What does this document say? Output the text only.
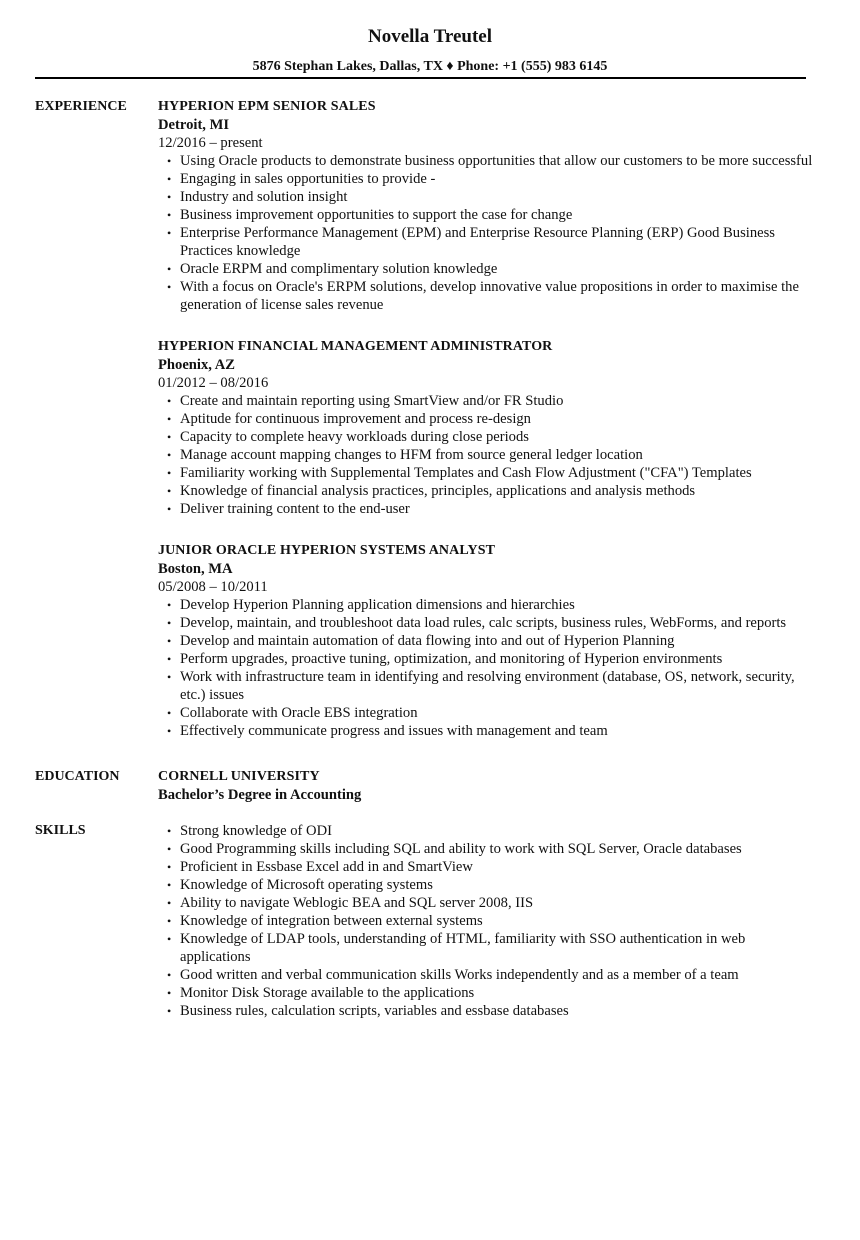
Novella Treutel
5876 Stephan Lakes, Dallas, TX ♦ Phone: +1 (555) 983 6145
EXPERIENCE	HYPERION EPM SENIOR SALES
Detroit, MI
12/2016 – present
• Using Oracle products to demonstrate business opportunities that allow our customers to be more successful
• Engaging in sales opportunities to provide -
• Industry and solution insight
• Business improvement opportunities to support the case for change
• Enterprise Performance Management (EPM) and Enterprise Resource Planning (ERP) Good Business Practices knowledge
• Oracle ERPM and complimentary solution knowledge
• With a focus on Oracle's ERPM solutions, develop innovative value propositions in order to maximise the generation of license sales revenue
HYPERION FINANCIAL MANAGEMENT ADMINISTRATOR
Phoenix, AZ
01/2012 – 08/2016
• Create and maintain reporting using SmartView and/or FR Studio
• Aptitude for continuous improvement and process re-design
• Capacity to complete heavy workloads during close periods
• Manage account mapping changes to HFM from source general ledger location
• Familiarity working with Supplemental Templates and Cash Flow Adjustment ("CFA") Templates
• Knowledge of financial analysis practices, principles, applications and analysis methods
• Deliver training content to the end-user
JUNIOR ORACLE HYPERION SYSTEMS ANALYST
Boston, MA
05/2008 – 10/2011
• Develop Hyperion Planning application dimensions and hierarchies
• Develop, maintain, and troubleshoot data load rules, calc scripts, business rules, WebForms, and reports
• Develop and maintain automation of data flowing into and out of Hyperion Planning
• Perform upgrades, proactive tuning, optimization, and monitoring of Hyperion environments
• Work with infrastructure team in identifying and resolving environment (database, OS, network, security, etc.) issues
• Collaborate with Oracle EBS integration
• Effectively communicate progress and issues with management and team
EDUCATION	CORNELL UNIVERSITY
Bachelor’s Degree in Accounting
SKILLS	• Strong knowledge of ODI
• Good Programming skills including SQL and ability to work with SQL Server, Oracle databases
• Proficient in Essbase Excel add in and SmartView
• Knowledge of Microsoft operating systems
• Ability to navigate Weblogic BEA and SQL server 2008, IIS
• Knowledge of integration between external systems
• Knowledge of LDAP tools, understanding of HTML, familiarity with SSO authentication in web applications
• Good written and verbal communication skills Works independently and as a member of a team
• Monitor Disk Storage available to the applications
• Business rules, calculation scripts, variables and essbase databases
